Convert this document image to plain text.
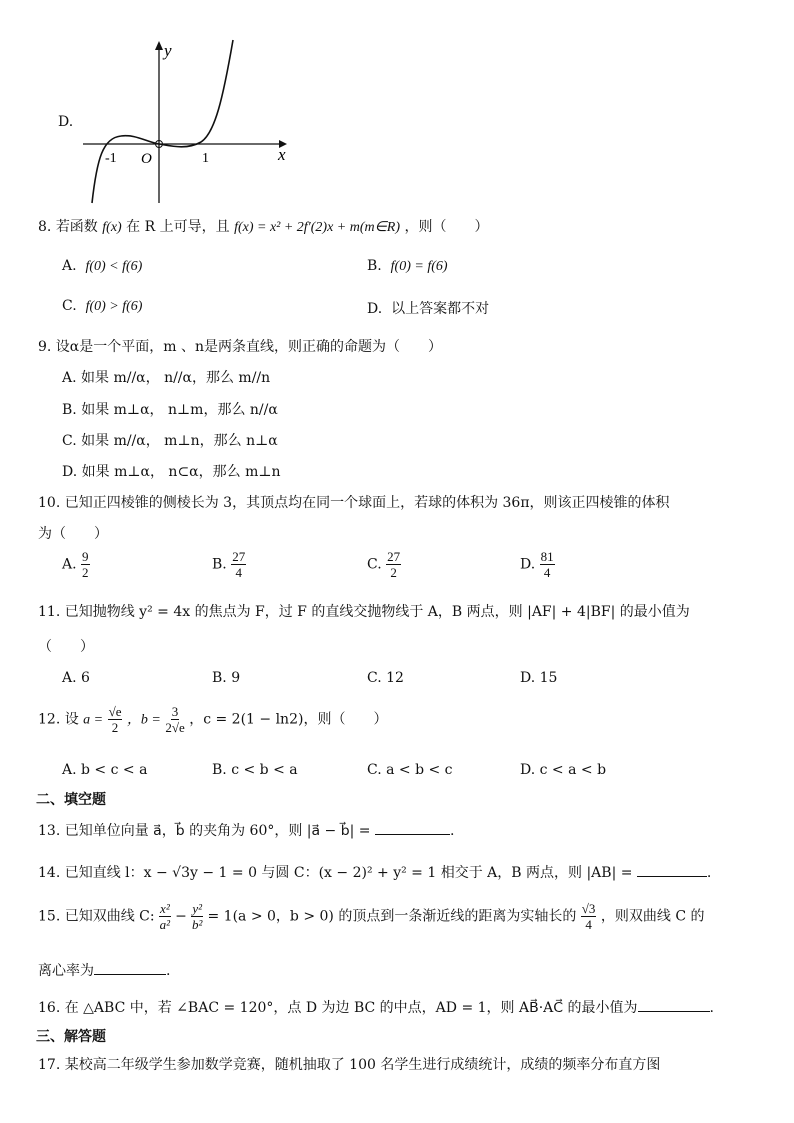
D.
y
x
O
-1	1
8. 若函数 f(x) 在 R 上可导，且 f(x) = x² + 2f′(2)x + m(m∈R) ，则（　　）
A. f(0) < f(6)	B. f(0) = f(6)
C. f(0) > f(6)	D. 以上答案都不对
9. 设α是一个平面，m 、n是两条直线，则正确的命题为（　　）
A. 如果 m//α， n//α，那么 m//n
B. 如果 m⊥α， n⊥m，那么 n//α
C. 如果 m//α， m⊥n，那么 n⊥α
D. 如果 m⊥α， n⊂α，那么 m⊥n
10. 已知正四棱锥的侧棱长为 3，其顶点均在同一个球面上，若球的体积为 36π，则该正四棱锥的体积
为（　　）
A. $\frac{9}{2}$	B. $\frac{27}{4}$	C. $\frac{27}{2}$	D. $\frac{81}{4}$
11. 已知抛物线 y² = 4x 的焦点为 F，过 F 的直线交抛物线于 A，B 两点，则 |AF| + 4|BF| 的最小值为
（　　）
A. 6	B. 9	C. 12	D. 15
12. 设 $a = \frac{√e}{2}$ ，$b = \frac{3}{2√e}$ ，c = 2(1 − ln2)，则（　　）
A. b < c < a	B. c < b < a	C. a < b < c	D. c < a < b
二、填空题
13. 已知单位向量 a⃗，b⃗ 的夹角为 60°，则 |a⃗ − b⃗| =	.
14. 已知直线 l：x − √3y − 1 = 0 与圆 C：(x − 2)² + y² = 1 相交于 A，B 两点，则 |AB| =	.
15. 已知双曲线 C: $\frac{\text{x²}}{\text{a²}} - \frac{\text{y²}}{\text{b²}} = 1(a > 0$，b > 0) 的顶点到一条渐近线的距离为实轴长的 $\frac{√3}{4}$ ，则双曲线 C 的
离心率为	.
16. 在 △ABC 中，若 ∠BAC = 120°，点 D 为边 BC 的中点，AD = 1，则 AB⃗·AC⃗ 的最小值为	.
三、解答题
17. 某校高二年级学生参加数学竞赛，随机抽取了 100 名学生进行成绩统计，成绩的频率分布直方图
